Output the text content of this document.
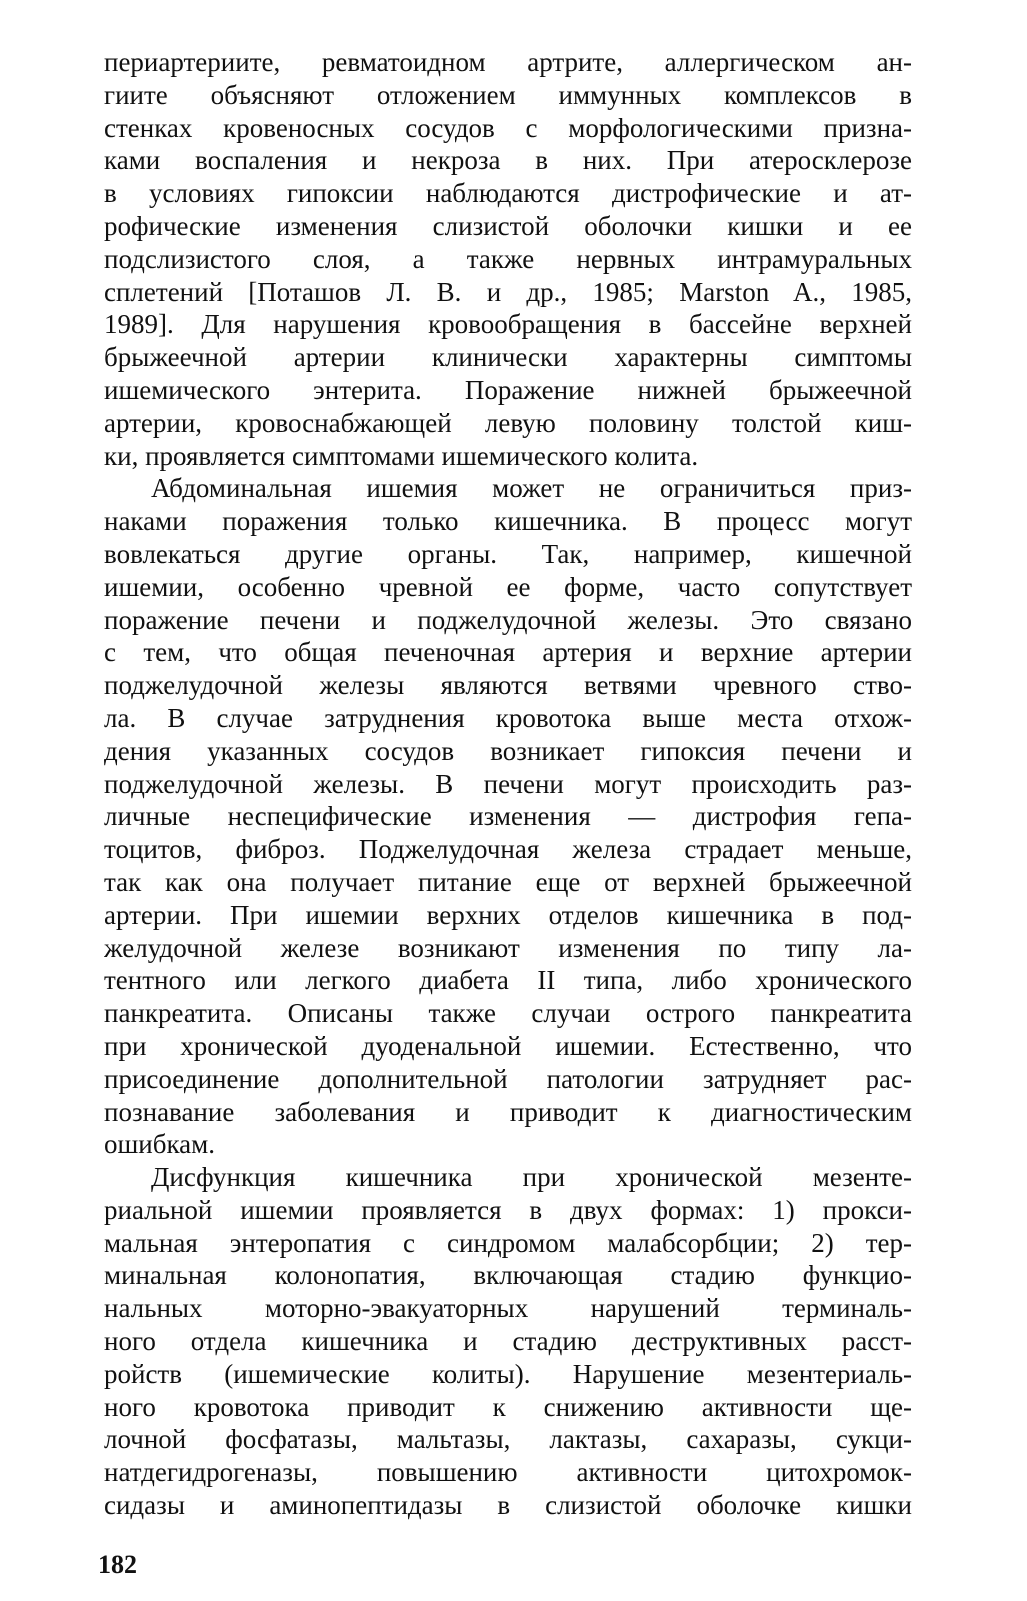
периартериите, ревматоидном артрите, аллергическом ан-
гиите объясняют отложением иммунных комплексов в
стенках кровеносных сосудов с морфологическими призна-
ками воспаления и некроза в них. При атеросклерозе
в условиях гипоксии наблюдаются дистрофические и ат-
рофические изменения слизистой оболочки кишки и ее
подслизистого слоя, а также нервных интрамуральных
сплетений [Поташов Л. В. и др., 1985; Marston A., 1985,
1989]. Для нарушения кровообращения в бассейне верхней
брыжеечной артерии клинически характерны симптомы
ишемического энтерита. Поражение нижней брыжеечной
артерии, кровоснабжающей левую половину толстой киш-
ки, проявляется симптомами ишемического колита.
Абдоминальная ишемия может не ограничиться приз-
наками поражения только кишечника. В процесс могут
вовлекаться другие органы. Так, например, кишечной
ишемии, особенно чревной ее форме, часто сопутствует
поражение печени и поджелудочной железы. Это связано
с тем, что общая печеночная артерия и верхние артерии
поджелудочной железы являются ветвями чревного ство-
ла. В случае затруднения кровотока выше места отхож-
дения указанных сосудов возникает гипоксия печени и
поджелудочной железы. В печени могут происходить раз-
личные неспецифические изменения — дистрофия гепа-
тоцитов, фиброз. Поджелудочная железа страдает меньше,
так как она получает питание еще от верхней брыжеечной
артерии. При ишемии верхних отделов кишечника в под-
желудочной железе возникают изменения по типу ла-
тентного или легкого диабета II типа, либо хронического
панкреатита. Описаны также случаи острого панкреатита
при хронической дуоденальной ишемии. Естественно, что
присоединение дополнительной патологии затрудняет рас-
познавание заболевания и приводит к диагностическим
ошибкам.
Дисфункция кишечника при хронической мезенте-
риальной ишемии проявляется в двух формах: 1) прокси-
мальная энтеропатия с синдромом малабсорбции; 2) тер-
минальная колонопатия, включающая стадию функцио-
нальных моторно-эвакуаторных нарушений терминаль-
ного отдела кишечника и стадию деструктивных расст-
ройств (ишемические колиты). Нарушение мезентериаль-
ного кровотока приводит к снижению активности ще-
лочной фосфатазы, мальтазы, лактазы, сахаразы, сукци-
натдегидрогеназы, повышению активности цитохромок-
сидазы и аминопептидазы в слизистой оболочке кишки
182
